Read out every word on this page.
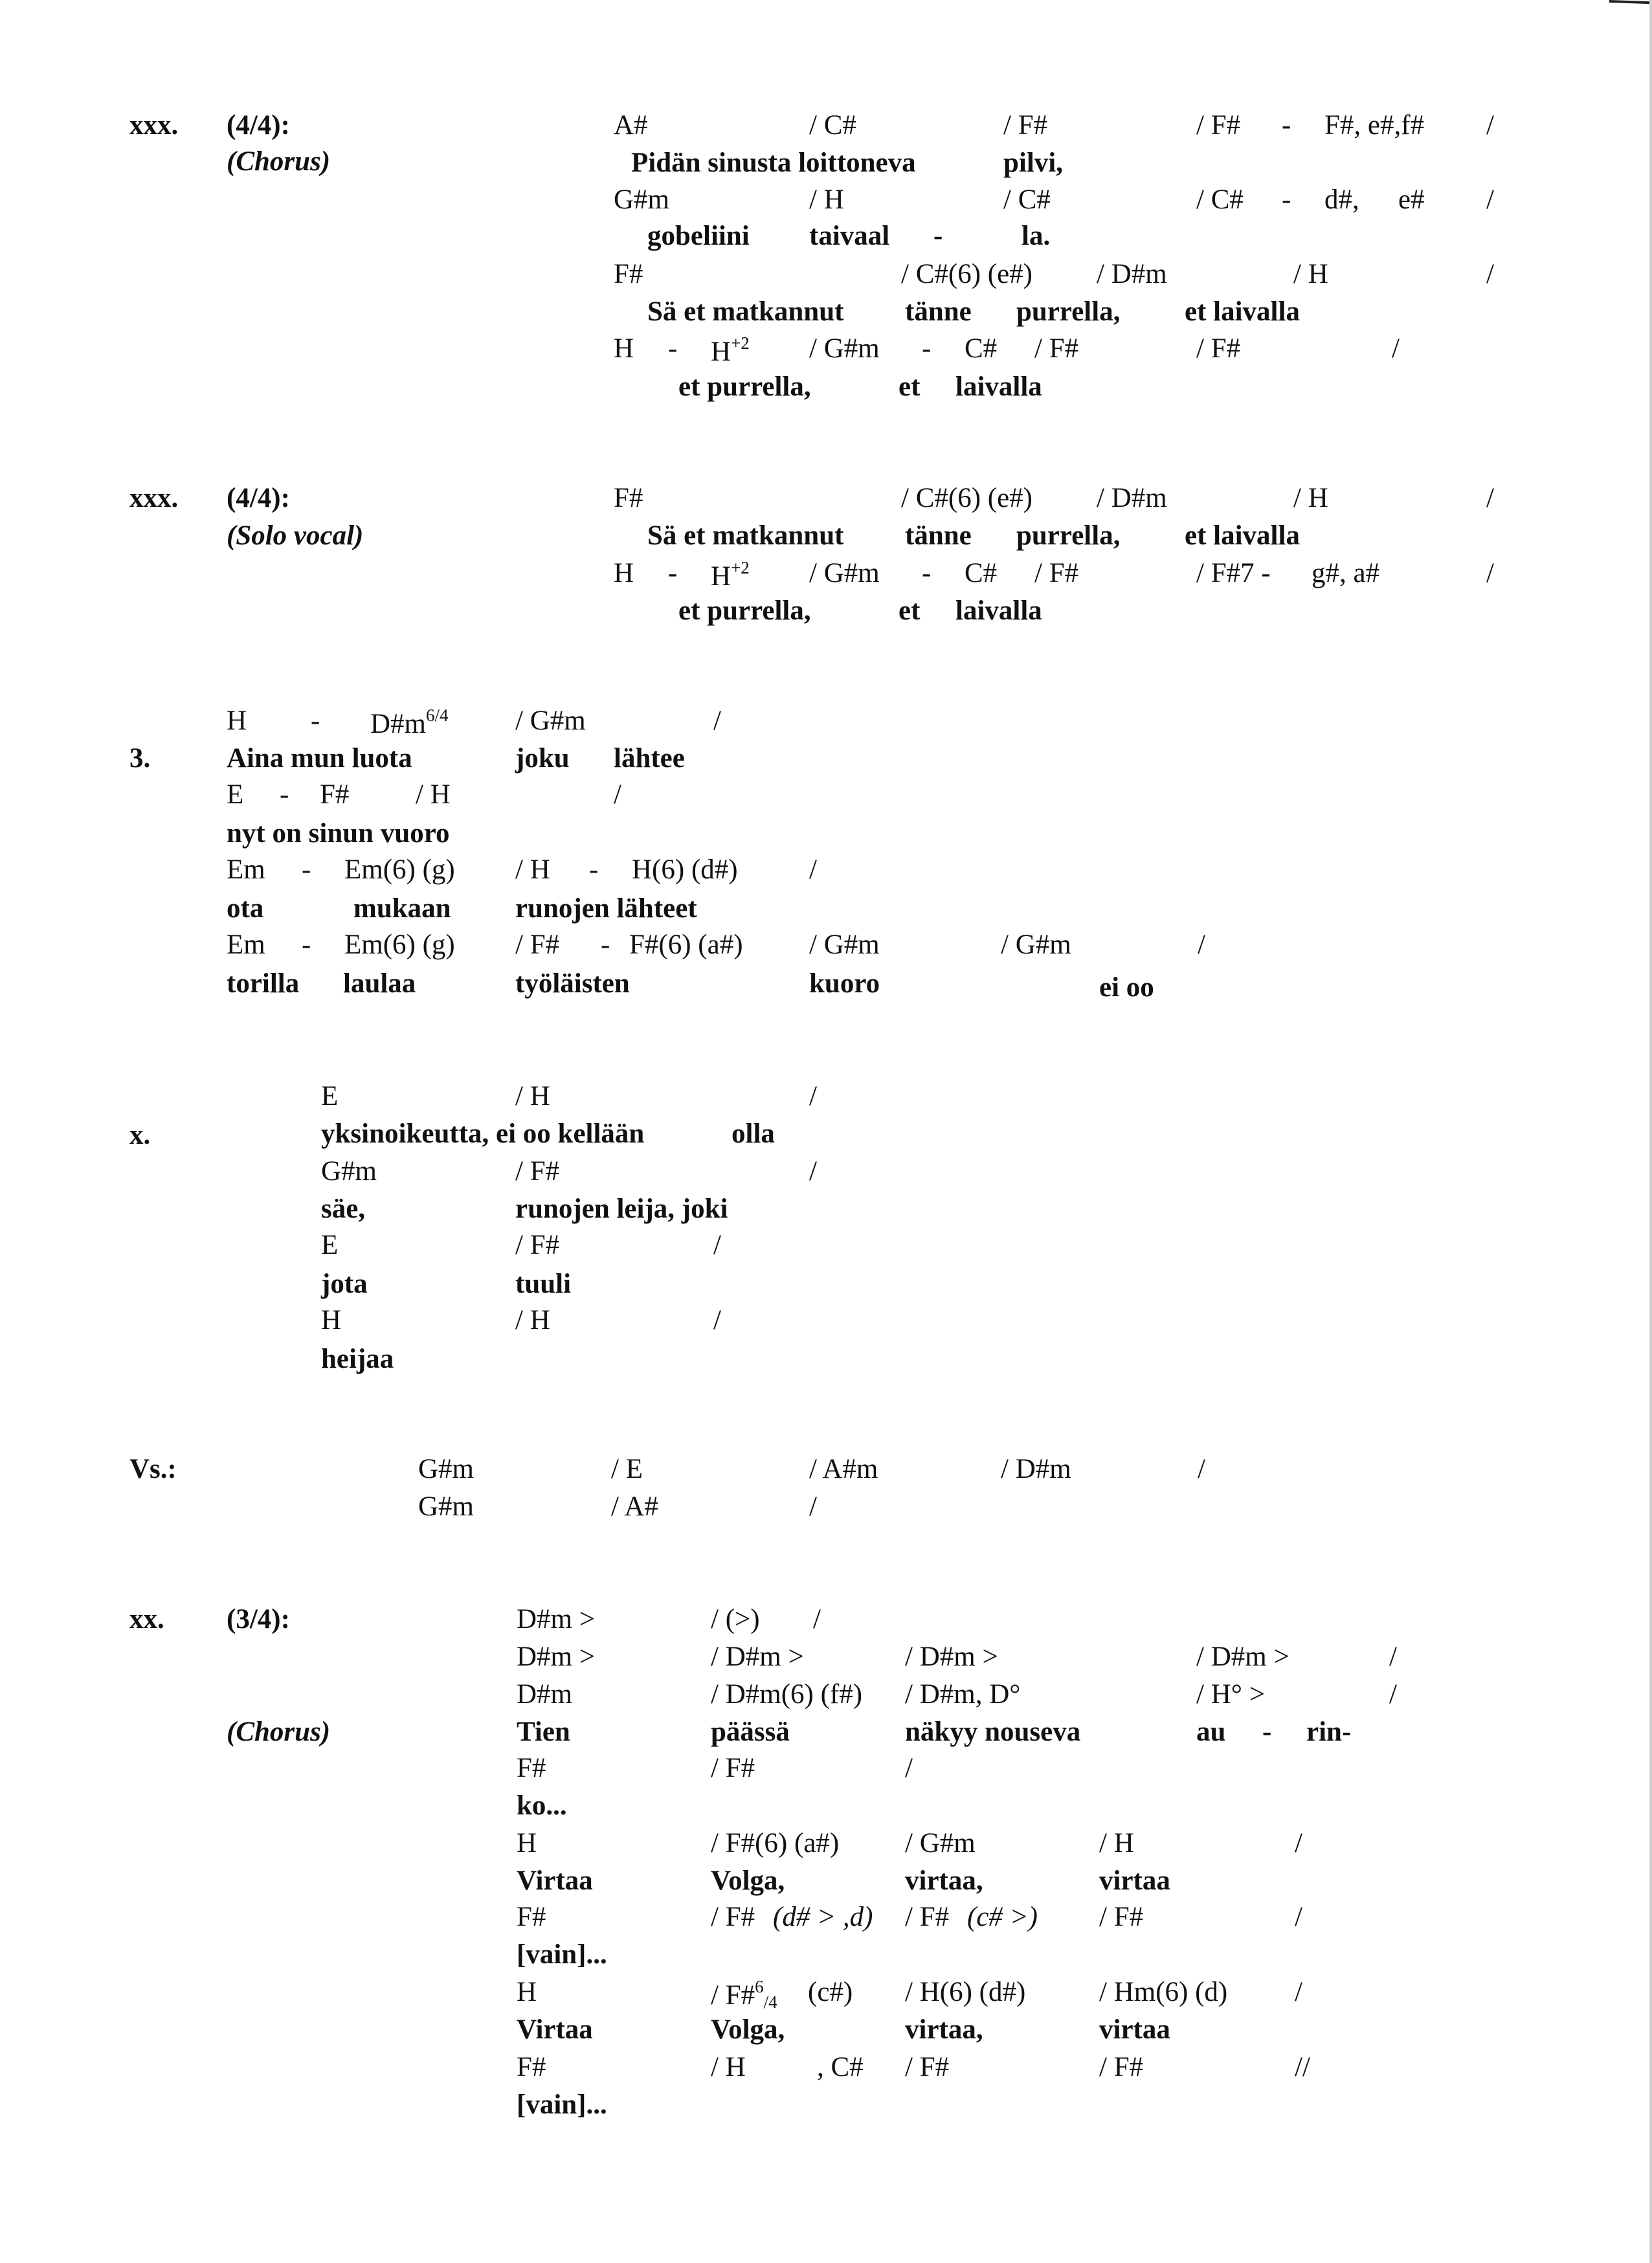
xxx. (4/4):
(Chorus)
A#	/ C#	/ F#	/ F# - F#, e#,f# /
Pidän sinusta loittoneva	pilvi,
G#m	/ H	/ C#	/ C# - d#, e# /
gobeliini taivaal -	la.
F#	/ C#(6) (e#) / D#m	/ H	/
Sä et matkannut tänne purrella, et laivalla
H - $H^{+2}$ / G#m - C# / F#	/ F#	/
et purrella,	et laivalla
xxx. (4/4):
(Solo vocal)
F#	/ C#(6) (e#) / D#m	/ H	/
Sä et matkannut tänne purrella, et laivalla
H - $H^{+2}$ / G#m - C# / F#	/ F#7 - g#, a#	/
et purrella,	et laivalla
H - $D\#m^{6/4}$ / G#m	/
3.	Aina mun luota	joku lähtee
E - F# / H	/
nyt on sinun vuoro
Em - Em(6) (g) / H - H(6) (d#)	/
ota	mukaan runojen lähteet
Em - Em(6) (g) / F# - F#(6) (a#) / G#m	/ G#m	/
torilla laulaa	työläisten	kuoro	ei oo
E	/ H	/
x.	yksinoikeutta, ei oo kellään	olla
G#m	/ F#	/
säe,	runojen leija, joki
E	/ F#	/
jota	tuuli
H	/ H	/
heijaa
Vs.:	G#m	/ E	/ A#m	/ D#m	/
G#m	/ A#	/
xx. (3/4):	D#m >	/ (>) /
D#m >	/ D#m >	/ D#m >	/ D#m >	/
D#m	/ D#m(6) (f#) / D#m, D°	/ H° >	/
(Chorus)	Tien	päässä	näkyy nouseva	au - rin-
F#	/ F#	/
ko...
H	/ F#(6) (a#) / G#m	/ H	/
Virtaa	Volga,	virtaa,	virtaa
F#	/ F# (d# > ,d) / F# (c# >) / F#	/
[vain]...
H	/ F#$^6_{/4}$ (c#) / H(6) (d#)	/ Hm(6) (d) /
Virtaa	Volga,	virtaa,	virtaa
F#	/ H	, C# / F#	/ F#	//
[vain]...
